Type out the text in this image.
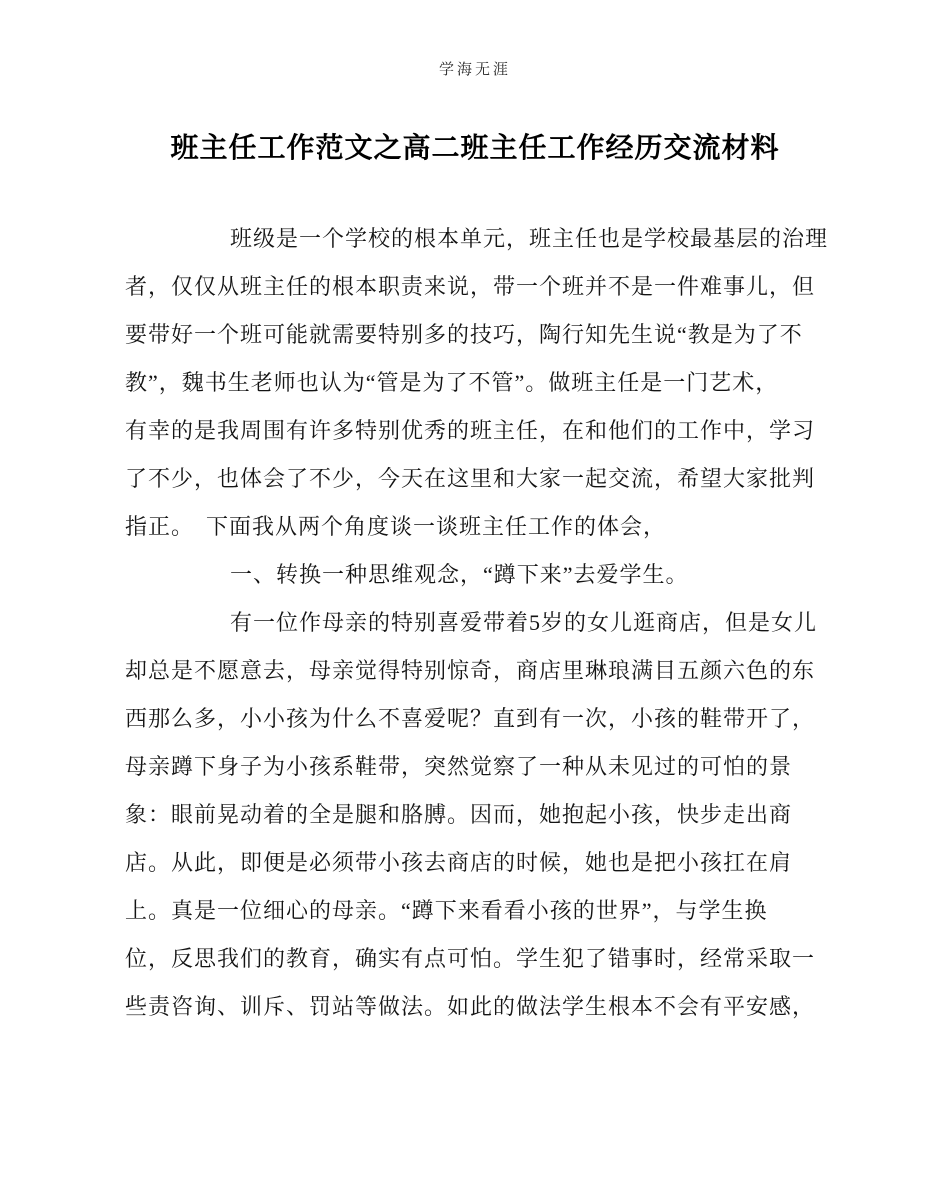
学海无涯
班主任工作范文之高二班主任工作经历交流材料
班级是一个学校的根本单元，班主任也是学校最基层的治理
者，仅仅从班主任的根本职责来说，带一个班并不是一件难事儿，但
要带好一个班可能就需要特别多的技巧，陶行知先生说“教是为了不
教”，魏书生老师也认为“管是为了不管”。做班主任是一门艺术，
有幸的是我周围有许多特别优秀的班主任，在和他们的工作中，学习
了不少，也体会了不少，今天在这里和大家一起交流，希望大家批判
指正。　下面我从两个角度谈一谈班主任工作的体会，
一、转换一种思维观念，“蹲下来”去爱学生。
有一位作母亲的特别喜爱带着5岁的女儿逛商店，但是女儿
却总是不愿意去，母亲觉得特别惊奇，商店里琳琅满目五颜六色的东
西那么多，小小孩为什么不喜爱呢？直到有一次，小孩的鞋带开了，
母亲蹲下身子为小孩系鞋带，突然觉察了一种从未见过的可怕的景
象：眼前晃动着的全是腿和胳膊。因而，她抱起小孩，快步走出商
店。从此，即便是必须带小孩去商店的时候，她也是把小孩扛在肩
上。真是一位细心的母亲。“蹲下来看看小孩的世界”，与学生换
位，反思我们的教育，确实有点可怕。学生犯了错事时，经常采取一
些责咨询、训斥、罚站等做法。如此的做法学生根本不会有平安感，
